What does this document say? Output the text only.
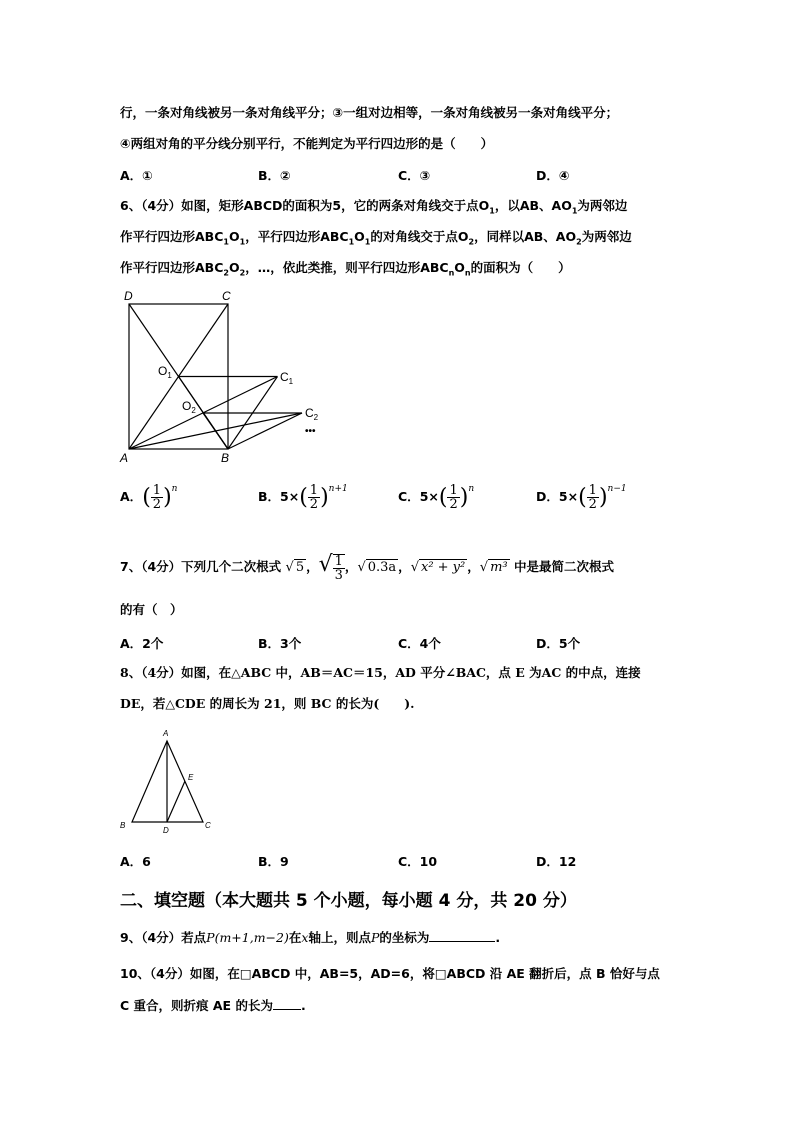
行，一条对角线被另一条对角线平分；③一组对边相等，一条对角线被另一条对角线平分；
④两组对角的平分线分别平行，不能判定为平行四边形的是（　　）
A．①	B．②	C．③	D．④
6、（4分）如图，矩形ABCD的面积为5，它的两条对角线交于点$O_1$，以AB、$AO_1$为两邻边
作平行四边形$ABC_1O_1$，平行四边形$ABC_1O_1$的对角线交于点$O_2$，同样以AB、$AO_2$为两邻边
作平行四边形$ABC_2O_2$，…，依此类推，则平行四边形$ABC_nO_n$的面积为（　　）
D	C
$O_1$	$C_1$
$O_2$	$C_2$
•••
A	B
A．( $\frac{1}{2} )^n$	B．$5\times( \frac{1}{2} )^{n+1}$	C．$5\times( \frac{1}{2} )^n$	D．$5\times( \frac{1}{2} )^{n-1}$
7、（4分）下列几个二次根式 √ 5 ，√ $\frac{1}{3}$ ，√ 0.3a ，√ x² + y² ，√ m³ 中是最简二次根式
的有（　）
A．2个	B．3个	C．4个	D．5个
8、（4分）如图，在△ABC 中，AB＝AC＝15，AD 平分∠BAC，点 E 为AC 的中点，连接
DE，若△CDE 的周长为 21，则 BC 的长为(　　).
A
B	C
D
E
A．6	B．9	C．10	D．12
二、填空题（本大题共 5 个小题，每小题 4 分，共 20 分）
9、（4分）若点P(m+1,m−2)在x轴上，则点P的坐标为	.
10、（4分）如图，在□ABCD 中，AB=5，AD=6，将□ABCD 沿 AE 翻折后，点 B 恰好与点
C 重合，则折痕 AE 的长为 .
